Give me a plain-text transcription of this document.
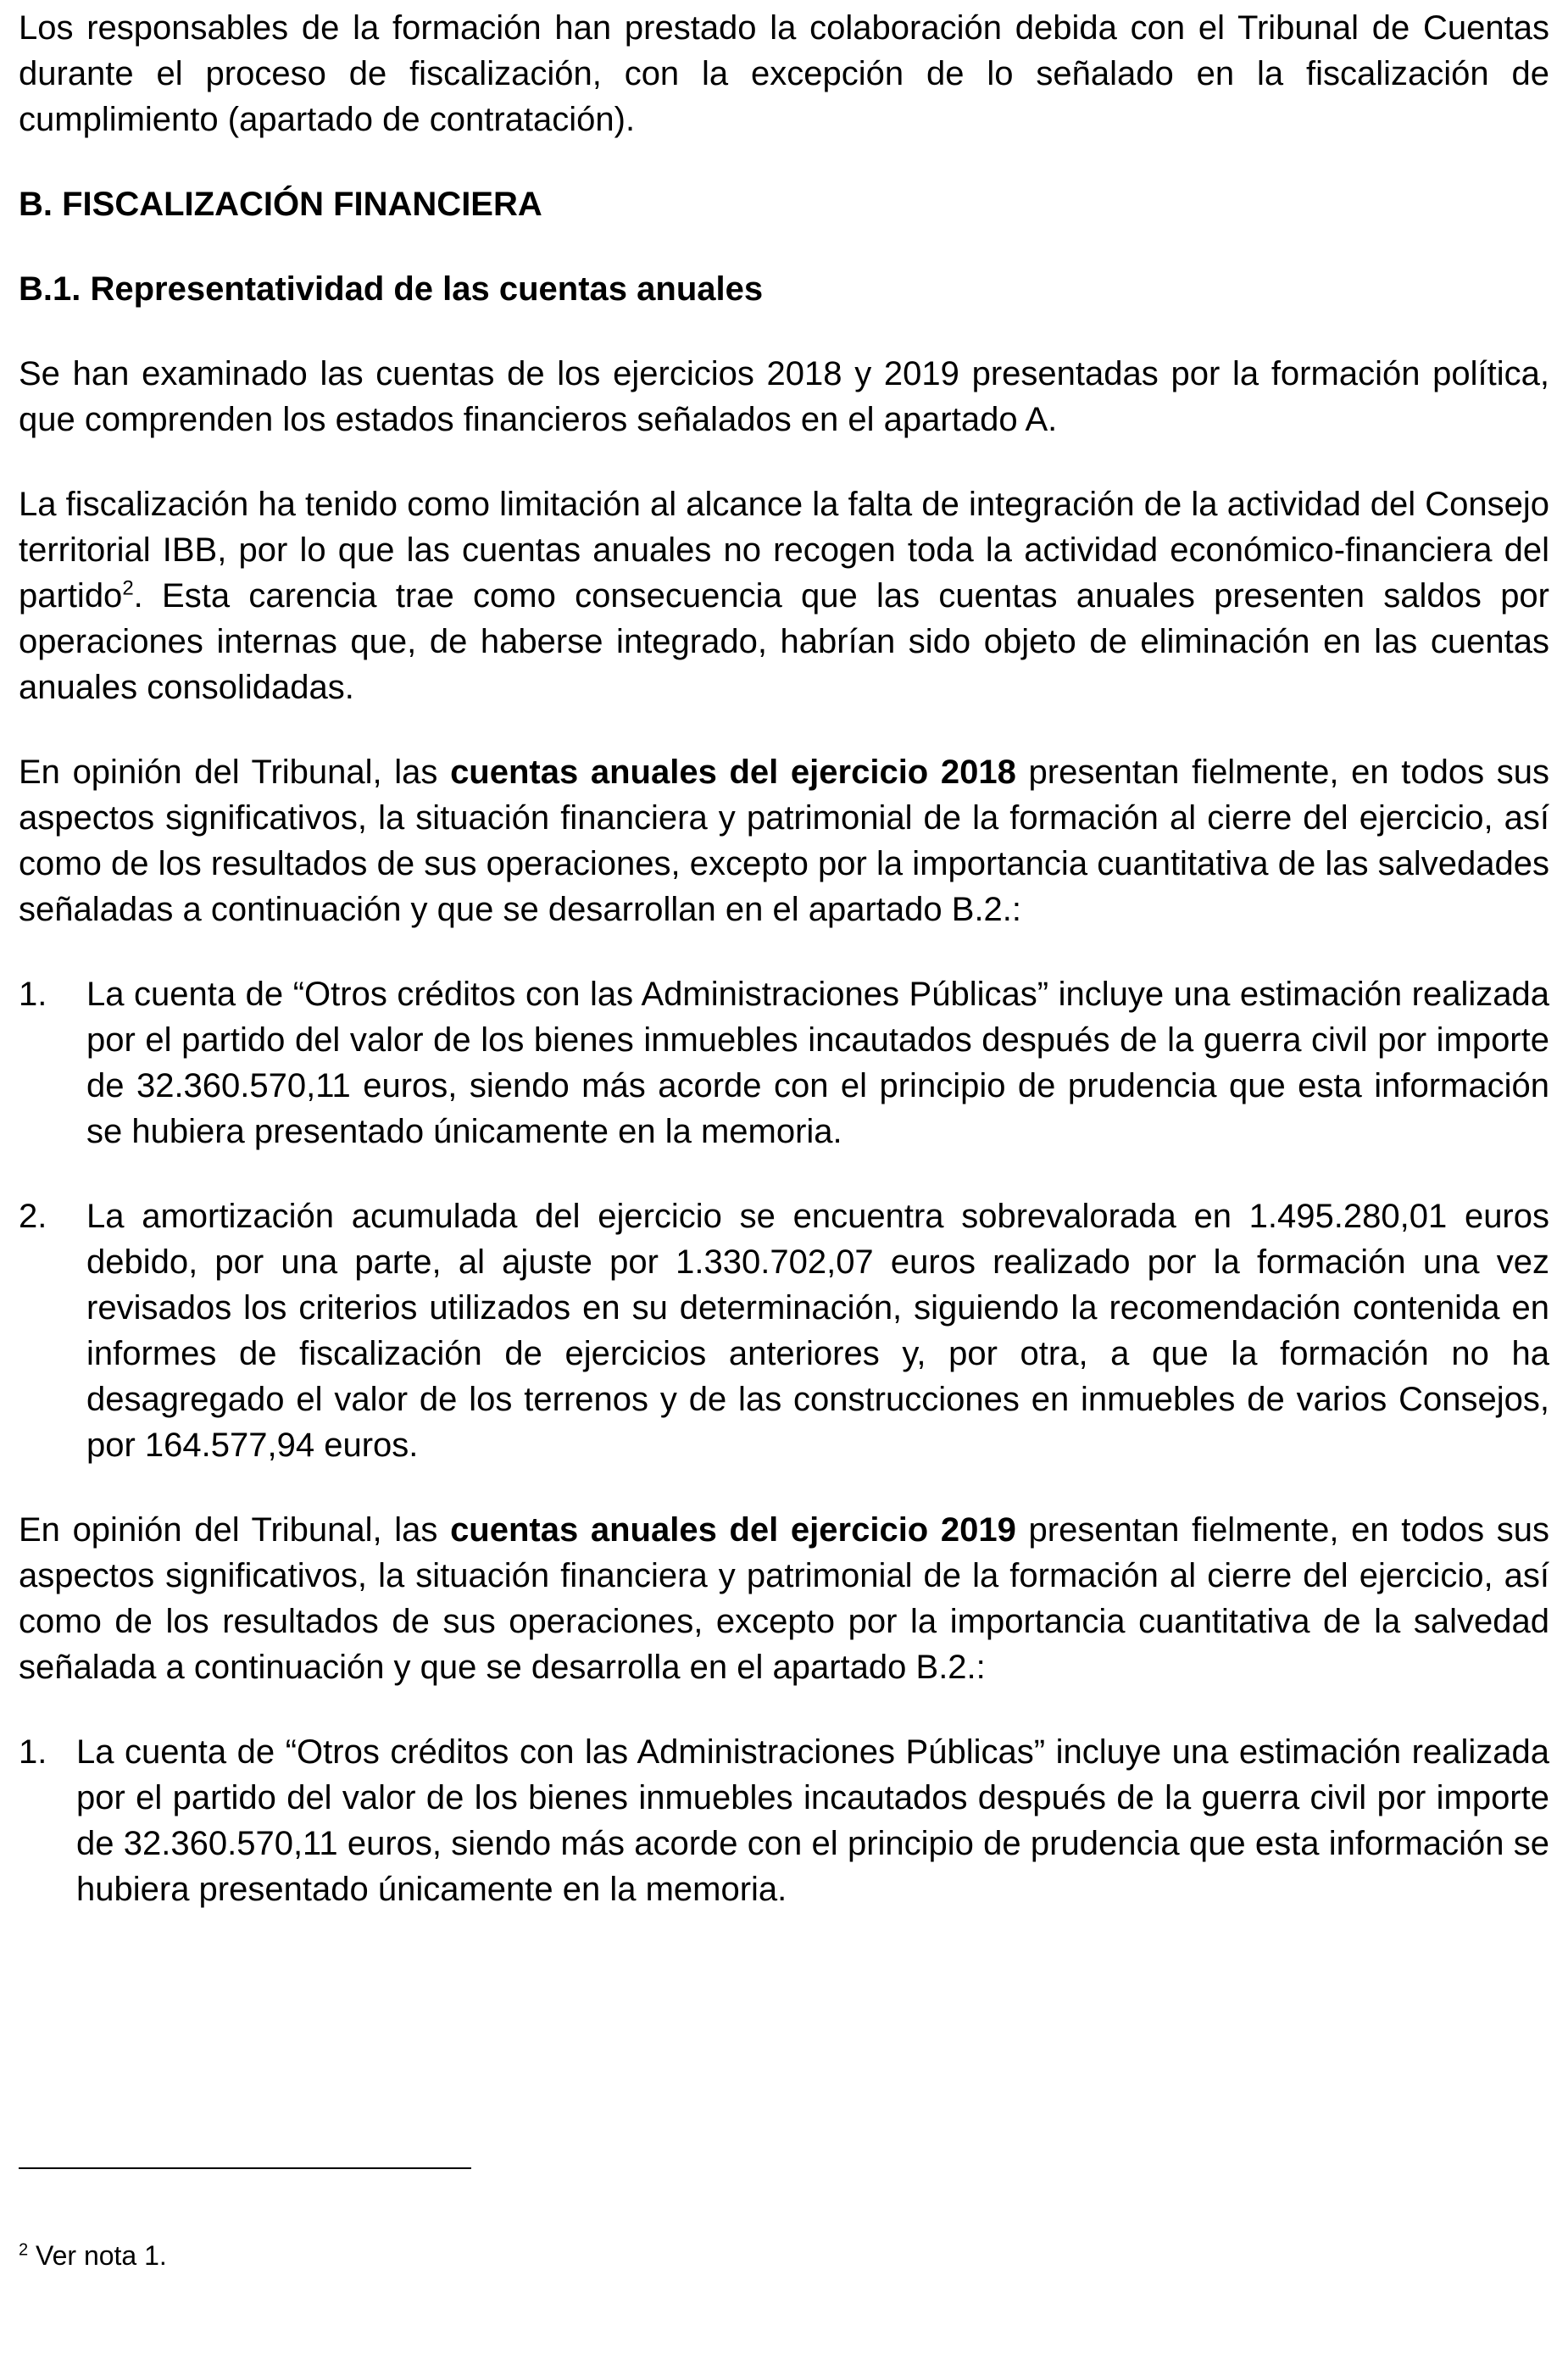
Los responsables de la formación han prestado la colaboración debida con el Tribunal de Cuentas durante el proceso de fiscalización, con la excepción de lo señalado en la fiscalización de cumplimiento (apartado de contratación).

B. FISCALIZACIÓN FINANCIERA
B.1. Representatividad de las cuentas anuales

Se han examinado las cuentas de los ejercicios 2018 y 2019 presentadas por la formación política, que comprenden los estados financieros señalados en el apartado A.

La fiscalización ha tenido como limitación al alcance la falta de integración de la actividad del Consejo territorial IBB, por lo que las cuentas anuales no recogen toda la actividad económico-financiera del partido$^2$. Esta carencia trae como consecuencia que las cuentas anuales presenten saldos por operaciones internas que, de haberse integrado, habrían sido objeto de eliminación en las cuentas anuales consolidadas.

En opinión del Tribunal, las cuentas anuales del ejercicio 2018 presentan fielmente, en todos sus aspectos significativos, la situación financiera y patrimonial de la formación al cierre del ejercicio, así como de los resultados de sus operaciones, excepto por la importancia cuantitativa de las salvedades señaladas a continuación y que se desarrollan en el apartado B.2.:

1.	La cuenta de “Otros créditos con las Administraciones Públicas” incluye una estimación realizada por el partido del valor de los bienes inmuebles incautados después de la guerra civil por importe de 32.360.570,11 euros, siendo más acorde con el principio de prudencia que esta información se hubiera presentado únicamente en la memoria.
2.	La amortización acumulada del ejercicio se encuentra sobrevalorada en 1.495.280,01 euros debido, por una parte, al ajuste por 1.330.702,07 euros realizado por la formación una vez revisados los criterios utilizados en su determinación, siguiendo la recomendación contenida en informes de fiscalización de ejercicios anteriores y, por otra, a que la formación no ha desagregado el valor de los terrenos y de las construcciones en inmuebles de varios Consejos, por 164.577,94 euros.

En opinión del Tribunal, las cuentas anuales del ejercicio 2019 presentan fielmente, en todos sus aspectos significativos, la situación financiera y patrimonial de la formación al cierre del ejercicio, así como de los resultados de sus operaciones, excepto por la importancia cuantitativa de la salvedad señalada a continuación y que se desarrolla en el apartado B.2.:

1. La cuenta de “Otros créditos con las Administraciones Públicas” incluye una estimación realizada por el partido del valor de los bienes inmuebles incautados después de la guerra civil por importe de 32.360.570,11 euros, siendo más acorde con el principio de prudencia que esta información se hubiera presentado únicamente en la memoria.
$^2$ Ver nota 1.
